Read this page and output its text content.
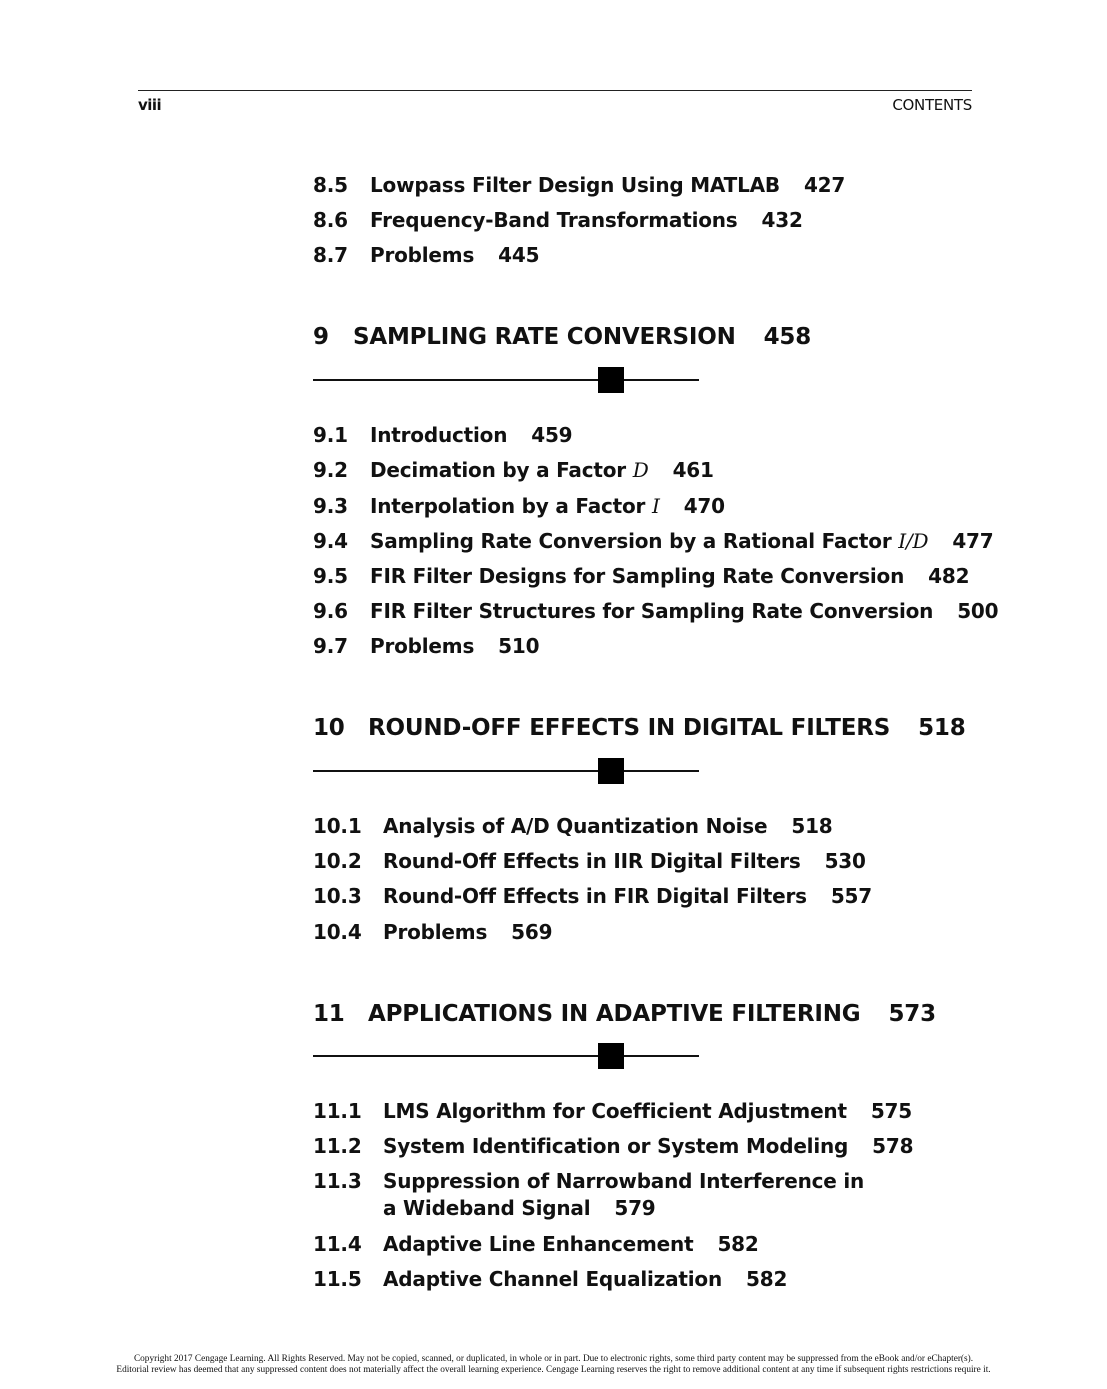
viii	CONTENTS
8.5 Lowpass Filter Design Using MATLAB 427
8.6 Frequency-Band Transformations 432
8.7 Problems 445
9 SAMPLING RATE CONVERSION 458
9.1 Introduction 459
9.2 Decimation by a Factor D 461
9.3 Interpolation by a Factor I 470
9.4 Sampling Rate Conversion by a Rational Factor I/D 477
9.5 FIR Filter Designs for Sampling Rate Conversion 482
9.6 FIR Filter Structures for Sampling Rate Conversion 500
9.7 Problems 510
10 ROUND-OFF EFFECTS IN DIGITAL FILTERS 518
10.1 Analysis of A/D Quantization Noise 518
10.2 Round-Off Effects in IIR Digital Filters 530
10.3 Round-Off Effects in FIR Digital Filters 557
10.4 Problems 569
11 APPLICATIONS IN ADAPTIVE FILTERING 573
11.1 LMS Algorithm for Coefficient Adjustment 575
11.2 System Identification or System Modeling 578
11.3 Suppression of Narrowband Interference in
a Wideband Signal 579
11.4 Adaptive Line Enhancement 582
11.5 Adaptive Channel Equalization 582
Copyright 2017 Cengage Learning. All Rights Reserved. May not be copied, scanned, or duplicated, in whole or in part. Due to electronic rights, some third party content may be suppressed from the eBook and/or eChapter(s).
Editorial review has deemed that any suppressed content does not materially affect the overall learning experience. Cengage Learning reserves the right to remove additional content at any time if subsequent rights restrictions require it.
